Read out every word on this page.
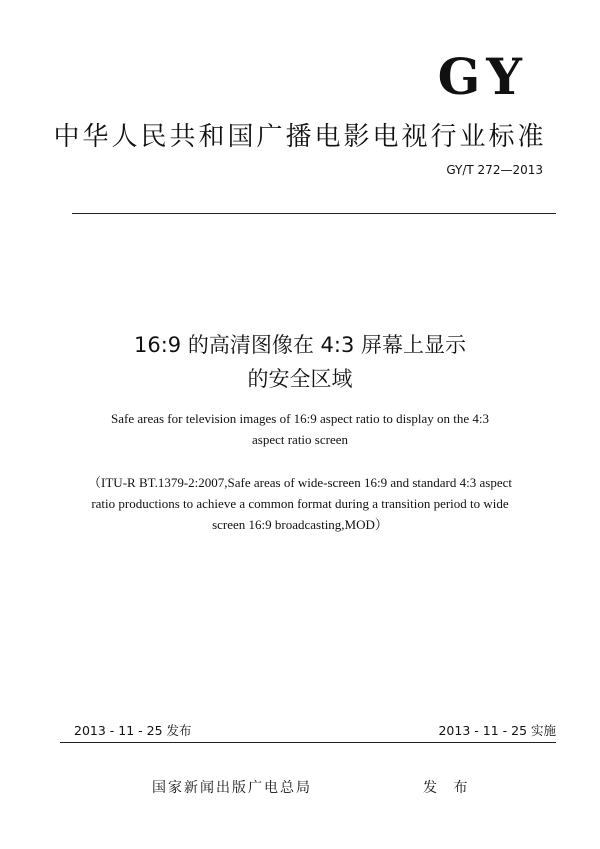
GY
中华人民共和国广播电影电视行业标准
GY/T 272—2013
16:9 的高清图像在 4:3 屏幕上显示
的安全区域
Safe areas for television images of 16:9 aspect ratio to display on the 4:3
aspect ratio screen
（ITU-R BT.1379-2:2007,Safe areas of wide-screen 16:9 and standard 4:3 aspect
ratio productions to achieve a common format during a transition period to wide
screen 16:9 broadcasting,MOD）
2013 - 11 - 25 发布	2013 - 11 - 25 实施
国家新闻出版广电总局	发 布
